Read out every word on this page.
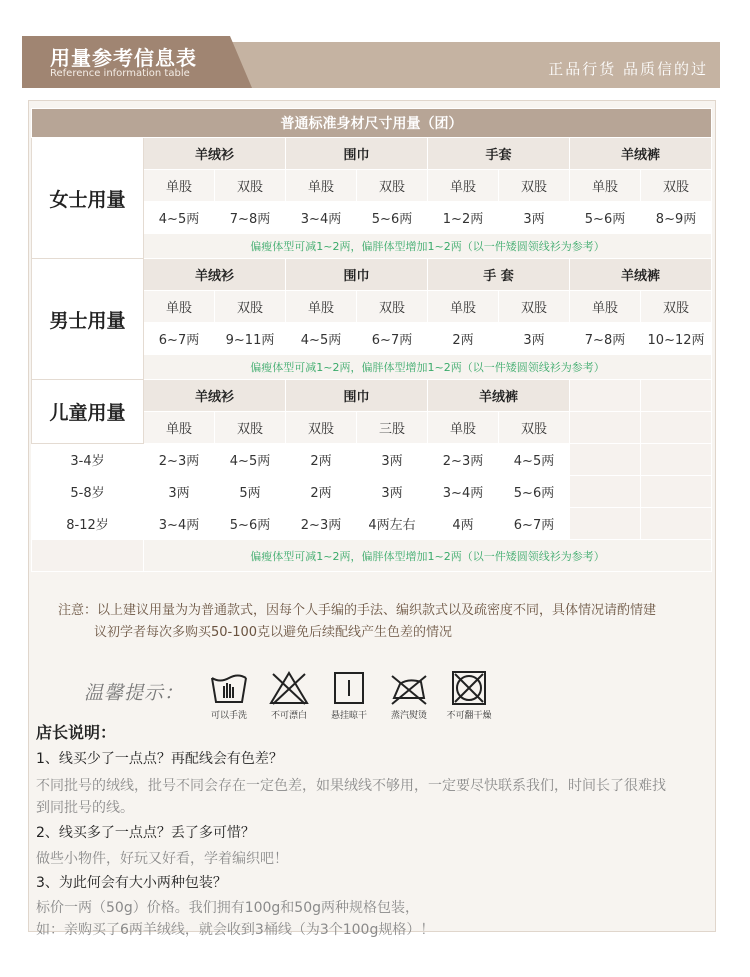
用量参考信息表
Reference information table	正品行货 品质信的过
普通标准身材尺寸用量（团）								
女士用量	羊绒衫		围巾		手套		羊绒裤	
	单股	双股	单股	双股	单股	双股	单股	双股
	4~5两	7~8两	3~4两	5~6两	1~2两	3两	5~6两	8~9两
	偏瘦体型可减1~2两，偏胖体型增加1~2两（以一件矮圆领线衫为参考）							
男士用量	羊绒衫		围巾		手 套		羊绒裤	
	单股	双股	单股	双股	单股	双股	单股	双股
	6~7两	9~11两	4~5两	6~7两	2两	3两	7~8两	10~12两
	偏瘦体型可减1~2两，偏胖体型增加1~2两（以一件矮圆领线衫为参考）							
儿童用量	羊绒衫		围巾		羊绒裤			
	单股	双股	双股	三股	单股	双股		
3-4岁	2~3两	4~5两	2两	3两	2~3两	4~5两		
5-8岁	3两	5两	2两	3两	3~4两	5~6两		
8-12岁	3~4两	5~6两	2~3两	4两左右	4两	6~7两		
	偏瘦体型可减1~2两，偏胖体型增加1~2两（以一件矮圆领线衫为参考）							
注意：以上建议用量为为普通款式，因每个人手编的手法、编织款式以及疏密度不同，具体情况请酌情建
议初学者每次多购买50-100克以避免后续配线产生色差的情况
温馨提示：
可以手洗	不可漂白	悬挂晾干	蒸汽熨烫	不可翻干燥
店长说明：
1、线买少了一点点？再配线会有色差？
不同批号的绒线，批号不同会存在一定色差，如果绒线不够用，一定要尽快联系我们，时间长了很难找
到同批号的线。
2、线买多了一点点？丢了多可惜？
做些小物件，好玩又好看，学着编织吧！
3、为此何会有大小两种包装？
标价一两（50g）价格。我们拥有100g和50g两种规格包装，
如：亲购买了6两羊绒线，就会收到3桶线（为3个100g规格）！
